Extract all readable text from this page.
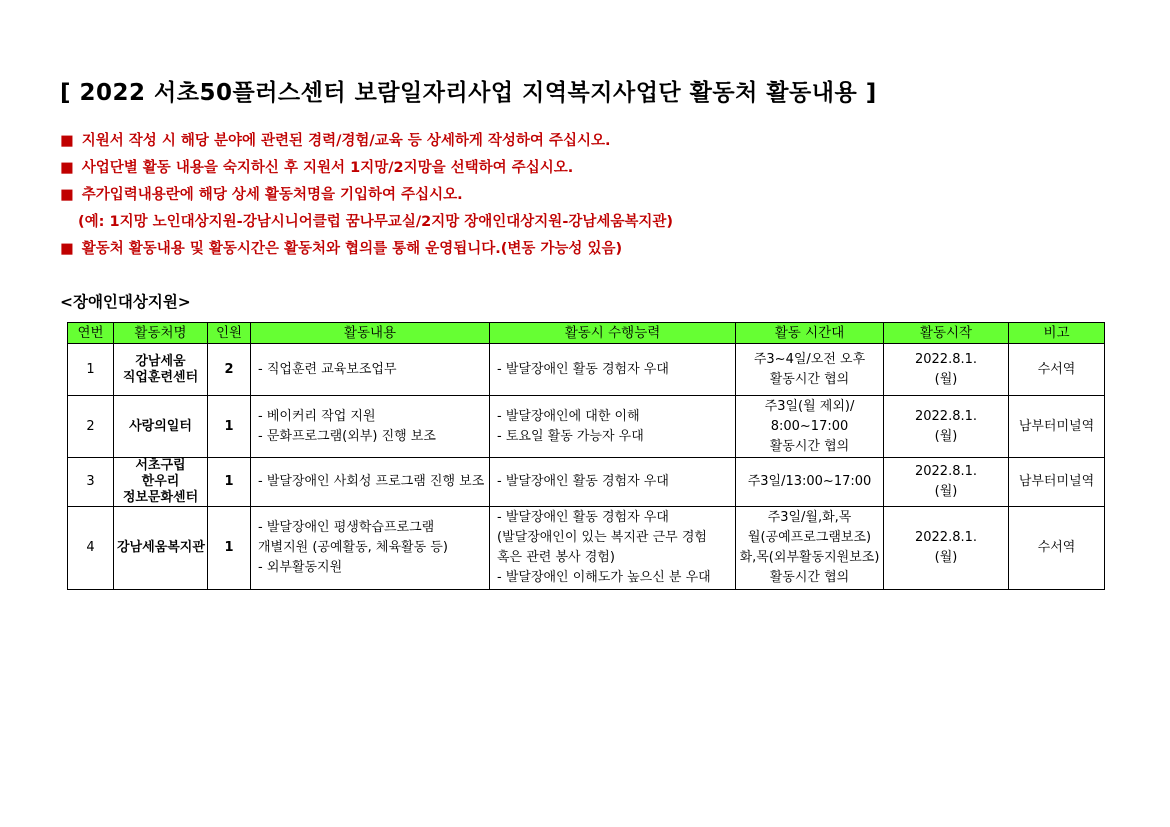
[ 2022 서초50플러스센터 보람일자리사업 지역복지사업단 활동처 활동내용 ]
■ 지원서 작성 시 해당 분야에 관련된 경력/경험/교육 등 상세하게 작성하여 주십시오.
■ 사업단별 활동 내용을 숙지하신 후 지원서 1지망/2지망을 선택하여 주십시오.
■ 추가입력내용란에 해당 상세 활동처명을 기입하여 주십시오.
(예: 1지망 노인대상지원-강남시니어클럽 꿈나무교실/2지망 장애인대상지원-강남세움복지관)
■ 활동처 활동내용 및 활동시간은 활동처와 협의를 통해 운영됩니다.(변동 가능성 있음)
<장애인대상지원>
연번	활동처명	인원	활동내용	활동시 수행능력	활동 시간대	활동시작	비고
1	강남세움
직업훈련센터	2	- 직업훈련 교육보조업무	- 발달장애인 활동 경험자 우대	주3~4일/오전 오후
활동시간 협의	2022.8.1.
(월)	수서역
2	사랑의일터	1	- 베이커리 작업 지원
- 문화프로그램(외부) 진행 보조	- 발달장애인에 대한 이해
- 토요일 활동 가능자 우대	주3일(월 제외)/
8:00~17:00
활동시간 협의	2022.8.1.
(월)	남부터미널역
3	서초구립
한우리
정보문화센터	1	- 발달장애인 사회성 프로그램 진행 보조	- 발달장애인 활동 경험자 우대	주3일/13:00~17:00	2022.8.1.
(월)	남부터미널역
4	강남세움복지관	1	- 발달장애인 평생학습프로그램
개별지원 (공예활동, 체육활동 등)
- 외부활동지원	- 발달장애인 활동 경험자 우대
(발달장애인이 있는 복지관 근무 경험
혹은 관련 봉사 경험)
- 발달장애인 이해도가 높으신 분 우대	주3일/월,화,목
월(공예프로그램보조)
화,목(외부활동지원보조)
활동시간 협의	2022.8.1.
(월)	수서역
